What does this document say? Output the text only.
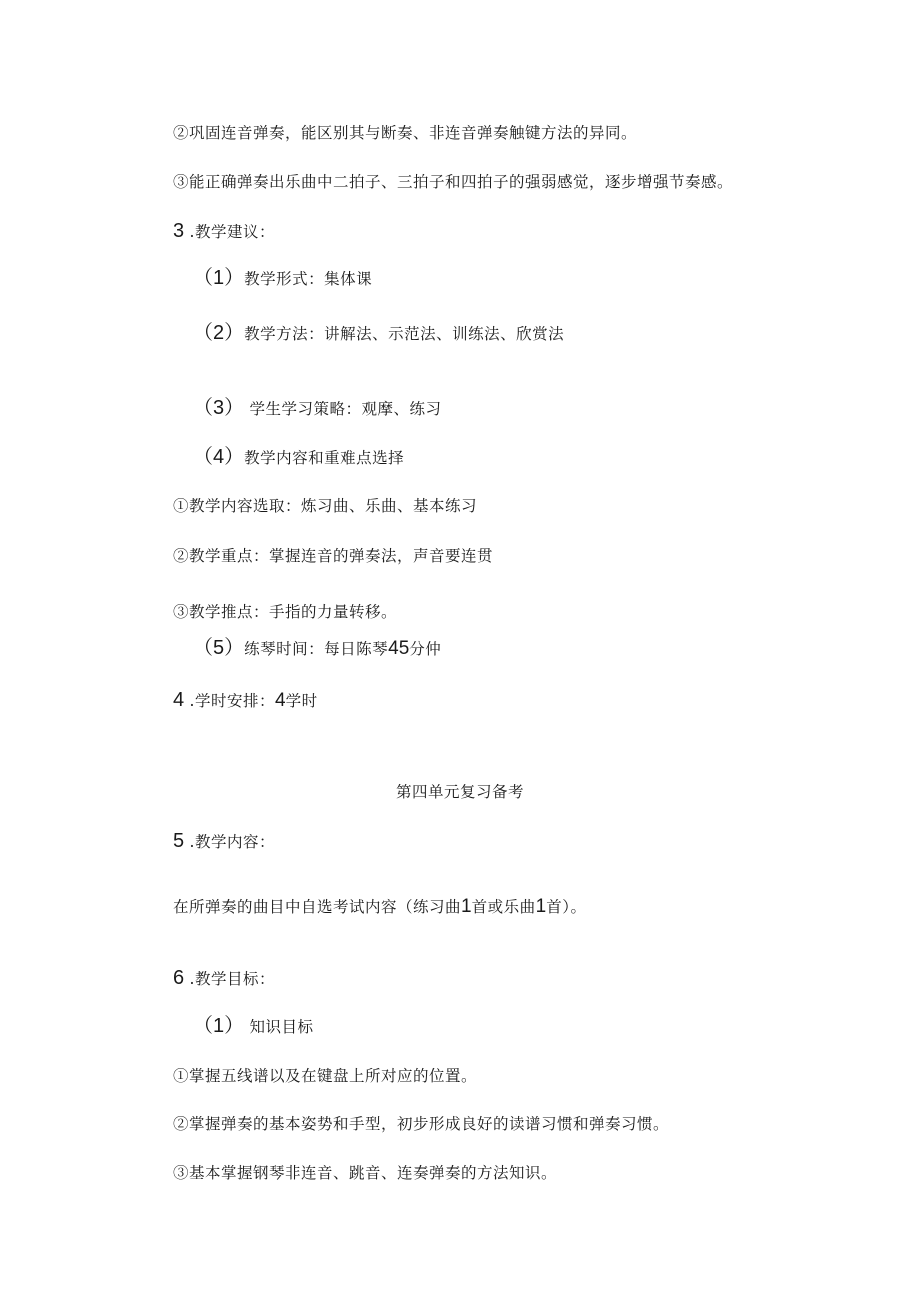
②巩固连音弹奏，能区别其与断奏、非连音弹奏触键方法的异同。
③能正确弹奏出乐曲中二拍子、三拍子和四拍子的强弱感觉，逐步增强节奏感。
3 .教学建议：
（1）教学形式：集体课
（2）教学方法：讲解法、示范法、训练法、欣赏法
（3） 学生学习策略：观摩、练习
（4）教学内容和重难点选择
①教学内容选取：炼习曲、乐曲、基本练习
②教学重点：掌握连音的弹奏法，声音要连贯
③教学推点：手指的力量转移。
（5）练琴时间：每日陈琴45分仲
4 .学时安排：4学时
第四单元复习备考
5 .教学内容：
在所弹奏的曲目中自选考试内容（练习曲1首或乐曲1首）。
6 .教学目标：
（1） 知识目标
①掌握五线谱以及在键盘上所对应的位置。
②掌握弹奏的基本姿势和手型，初步形成良好的读谱习惯和弹奏习惯。
③基本掌握钢琴非连音、跳音、连奏弹奏的方法知识。
